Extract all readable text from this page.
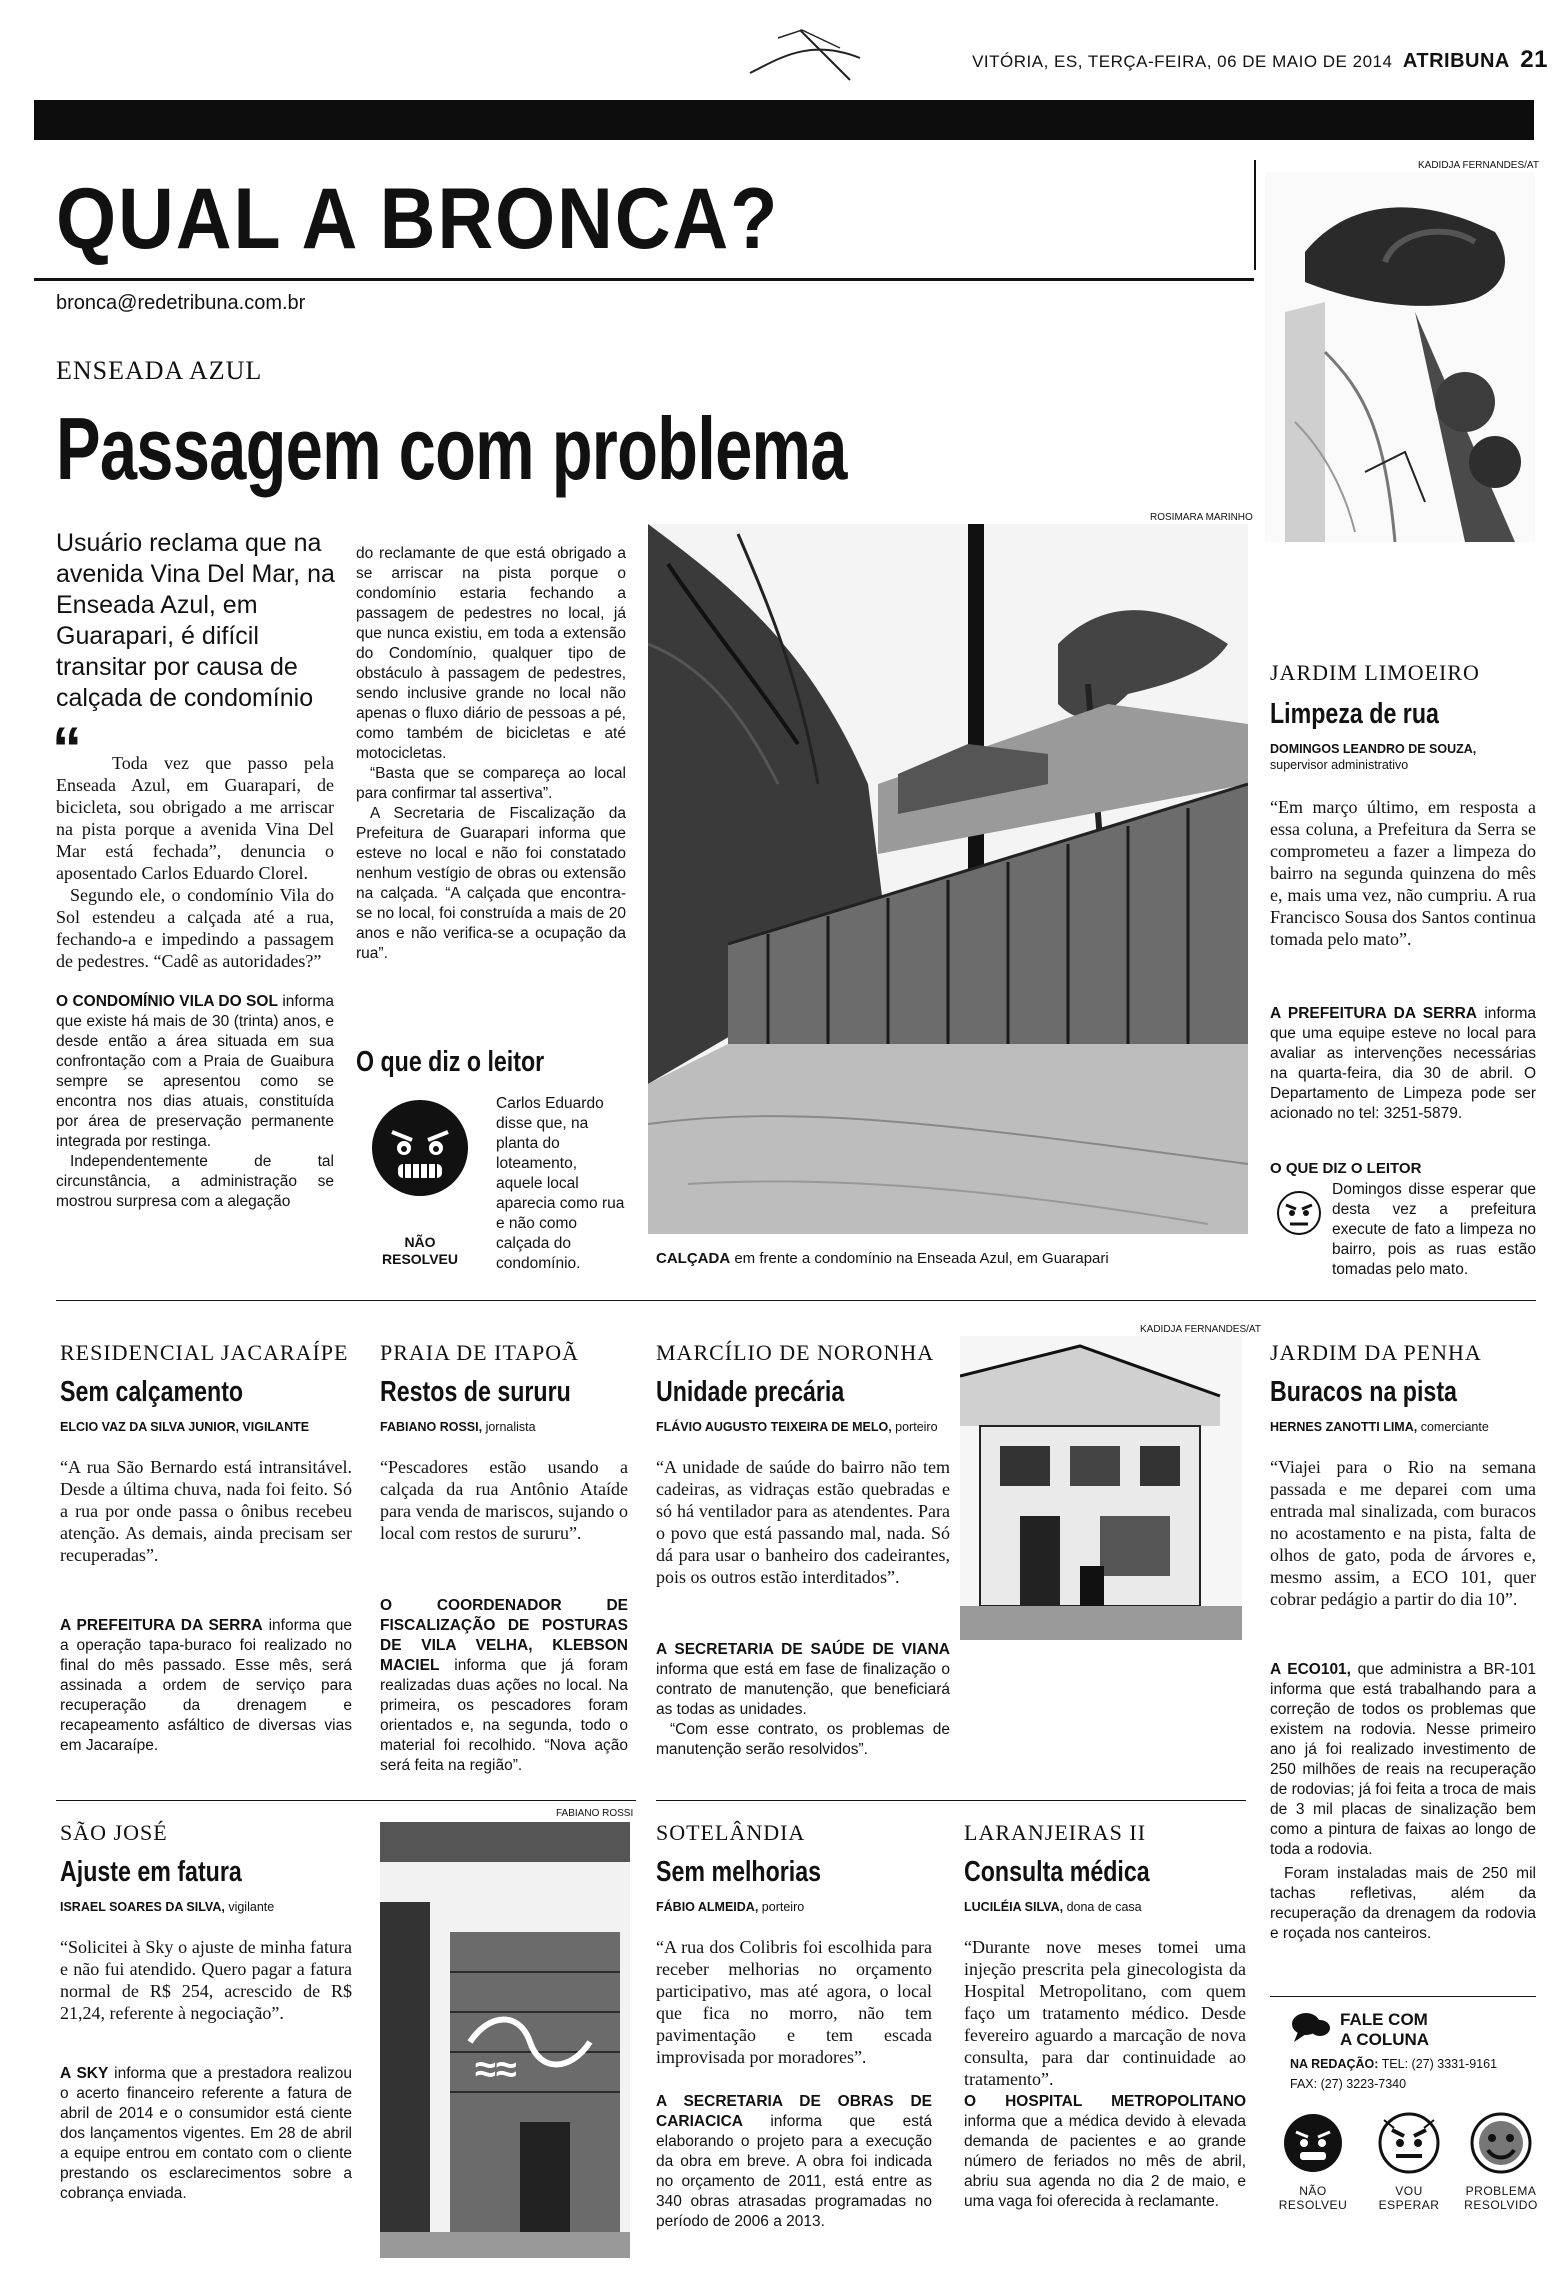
VITÓRIA, ES, TERÇA-FEIRA, 06 DE MAIO DE 2014 ATRIBUNA 21
QUAL A BRONCA?
bronca@redetribuna.com.br
KADIDJA FERNANDES/AT
ENSEADA AZUL
Passagem com problema
Usuário reclama que na avenida Vina Del Mar, na Enseada Azul, em Guarapari, é difícil transitar por causa de calçada de condomínio
“	Toda vez que passo pela Enseada Azul, em Guarapari, de bicicleta, sou obrigado a me arriscar na pista porque a avenida Vina Del Mar está fechada”, denuncia o aposentado Carlos Eduardo Clorel.

Segundo ele, o condomínio Vila do Sol estendeu a calçada até a rua, fechando-a e impedindo a passagem de pedestres. “Cadê as autoridades?”

O CONDOMÍNIO VILA DO SOL informa que existe há mais de 30 (trinta) anos, e desde então a área situada em sua confrontação com a Praia de Guaibura sempre se apresentou como se encontra nos dias atuais, constituída por área de preservação permanente integrada por restinga.

Independentemente de tal circunstância, a administração se mostrou surpresa com a alegação

do reclamante de que está obrigado a se arriscar na pista porque o condomínio estaria fechando a passagem de pedestres no local, já que nunca existiu, em toda a extensão do Condomínio, qualquer tipo de obstáculo à passagem de pedestres, sendo inclusive grande no local não apenas o fluxo diário de pessoas a pé, como também de bicicletas e até motocicletas.

“Basta que se compareça ao local para confirmar tal assertiva”.

A Secretaria de Fiscalização da Prefeitura de Guarapari informa que esteve no local e não foi constatado nenhum vestígio de obras ou extensão na calçada. “A calçada que encontra-se no local, foi construída a mais de 20 anos e não verifica-se a ocupação da rua”.

O que diz o leitor
NÃO RESOLVEU
Carlos Eduardo disse que, na planta do loteamento, aquele local aparecia como rua e não como calçada do condomínio.
ROSIMARA MARINHO
CALÇADA em frente a condomínio na Enseada Azul, em Guarapari
JARDIM LIMOEIRO
Limpeza de rua
DOMINGOS LEANDRO DE SOUZA,
supervisor administrativo
“Em março último, em resposta a essa coluna, a Prefeitura da Serra se comprometeu a fazer a limpeza do bairro na segunda quinzena do mês e, mais uma vez, não cumpriu. A rua Francisco Sousa dos Santos continua tomada pelo mato”.
A PREFEITURA DA SERRA informa que uma equipe esteve no local para avaliar as intervenções necessárias na quarta-feira, dia 30 de abril. O Departamento de Limpeza pode ser acionado no tel: 3251-5879.
O QUE DIZ O LEITOR
Domingos disse esperar que desta vez a prefeitura execute de fato a limpeza no bairro, pois as ruas estão tomadas pelo mato.
RESIDENCIAL JACARAÍPE
Sem calçamento
ELCIO VAZ DA SILVA JUNIOR, VIGILANTE
“A rua São Bernardo está intransitável. Desde a última chuva, nada foi feito. Só a rua por onde passa o ônibus recebeu atenção. As demais, ainda precisam ser recuperadas”.
A PREFEITURA DA SERRA informa que a operação tapa-buraco foi realizado no final do mês passado. Esse mês, será assinada a ordem de serviço para recuperação da drenagem e recapeamento asfáltico de diversas vias em Jacaraípe.
PRAIA DE ITAPOÃ
Restos de sururu
FABIANO ROSSI, jornalista
“Pescadores estão usando a calçada da rua Antônio Ataíde para venda de mariscos, sujando o local com restos de sururu”.
O COORDENADOR DE FISCALIZAÇÃO DE POSTURAS DE VILA VELHA, KLEBSON MACIEL informa que já foram realizadas duas ações no local. Na primeira, os pescadores foram orientados e, na segunda, todo o material foi recolhido. “Nova ação será feita na região”.
MARCÍLIO DE NORONHA
KADIDJA FERNANDES/AT
Unidade precária
FLÁVIO AUGUSTO TEIXEIRA DE MELO, porteiro
“A unidade de saúde do bairro não tem cadeiras, as vidraças estão quebradas e só há ventilador para as atendentes. Para o povo que está passando mal, nada. Só dá para usar o banheiro dos cadeirantes, pois os outros estão interditados”.
A SECRETARIA DE SAÚDE DE VIANA informa que está em fase de finalização o contrato de manutenção, que beneficiará as todas as unidades.
“Com esse contrato, os problemas de manutenção serão resolvidos”.
JARDIM DA PENHA
Buracos na pista
HERNES ZANOTTI LIMA, comerciante
“Viajei para o Rio na semana passada e me deparei com uma entrada mal sinalizada, com buracos no acostamento e na pista, falta de olhos de gato, poda de árvores e, mesmo assim, a ECO 101, quer cobrar pedágio a partir do dia 10”.
A ECO101, que administra a BR-101 informa que está trabalhando para a correção de todos os problemas que existem na rodovia. Nesse primeiro ano já foi realizado investimento de 250 milhões de reais na recuperação de rodovias; já foi feita a troca de mais de 3 mil placas de sinalização bem como a pintura de faixas ao longo de toda a rodovia.
Foram instaladas mais de 250 mil tachas refletivas, além da recuperação da drenagem da rodovia e roçada nos canteiros.
SÃO JOSÉ
Ajuste em fatura
ISRAEL SOARES DA SILVA, vigilante
“Solicitei à Sky o ajuste de minha fatura e não fui atendido. Quero pagar a fatura normal de R$ 254, acrescido de R$ 21,24, referente à negociação”.
A SKY informa que a prestadora realizou o acerto financeiro referente a fatura de abril de 2014 e o consumidor está ciente dos lançamentos vigentes. Em 28 de abril a equipe entrou em contato com o cliente prestando os esclarecimentos sobre a cobrança enviada.
FABIANO ROSSI
≈≈
SOTELÂNDIA
Sem melhorias
FÁBIO ALMEIDA, porteiro
“A rua dos Colibris foi escolhida para receber melhorias no orçamento participativo, mas até agora, o local que fica no morro, não tem pavimentação e tem escada improvisada por moradores”.
A SECRETARIA DE OBRAS DE CARIACICA informa que está elaborando o projeto para a execução da obra em breve. A obra foi indicada no orçamento de 2011, está entre as 340 obras atrasadas programadas no período de 2006 a 2013.
LARANJEIRAS II
Consulta médica
LUCILÉIA SILVA, dona de casa
“Durante nove meses tomei uma injeção prescrita pela ginecologista da Hospital Metropolitano, com quem faço um tratamento médico. Desde fevereiro aguardo a marcação de nova consulta, para dar continuidade ao tratamento”.
O HOSPITAL METROPOLITANO informa que a médica devido à elevada demanda de pacientes e ao grande número de feriados no mês de abril, abriu sua agenda no dia 2 de maio, e uma vaga foi oferecida à reclamante.
FALE COM
A COLUNA
NA REDAÇÃO: TEL: (27) 3331-9161
FAX: (27) 3223-7340
NÃO RESOLVEU
VOU ESPERAR
PROBLEMA RESOLVIDO
